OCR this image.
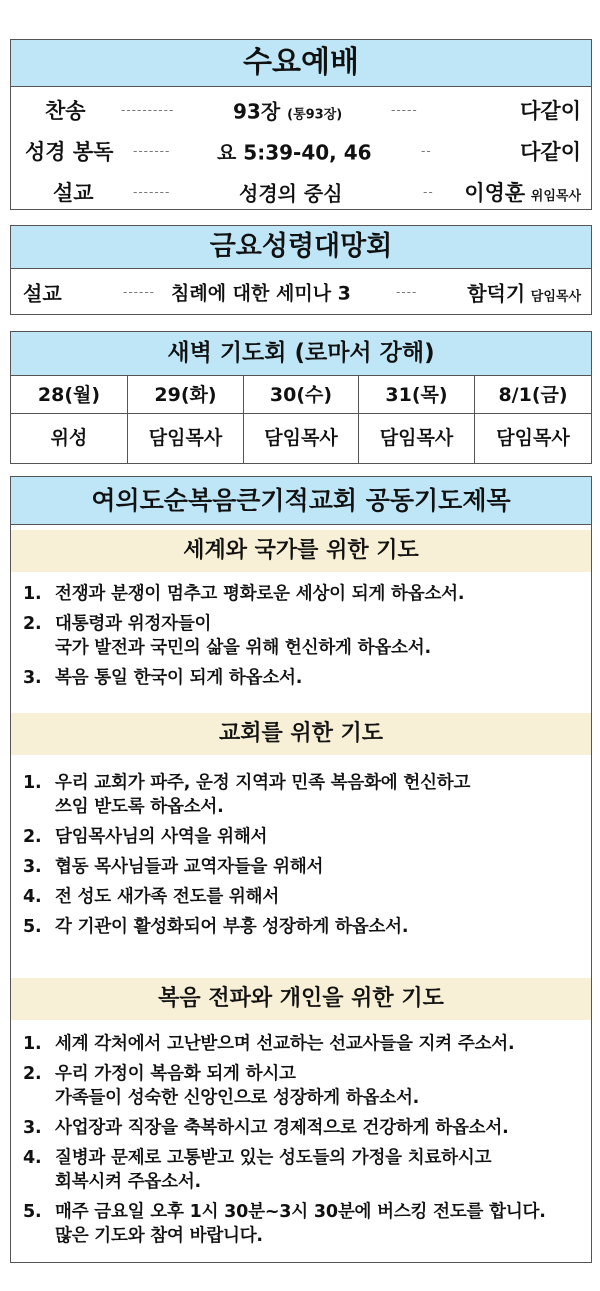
수요예배
찬송	----------	93장 (통93장)	-----	다같이
성경 봉독 ------- 요 5:39-40, 46	--	다같이
설교	-------	성경의 중심	-- 이영훈 위임목사
금요성령대망회
설교	------ 침례에 대한 세미나 3	---- 함덕기 담임목사
새벽 기도회 (로마서 강해)
28(월)	29(화)	30(수)	31(목)	8/1(금)
위성	담임목사	담임목사	담임목사	담임목사
여의도순복음큰기적교회 공동기도제목
세계와 국가를 위한 기도
1. 전쟁과 분쟁이 멈추고 평화로운 세상이 되게 하옵소서.
2. 대통령과 위정자들이
국가 발전과 국민의 삶을 위해 헌신하게 하옵소서.
3. 복음 통일 한국이 되게 하옵소서.
교회를 위한 기도
1. 우리 교회가 파주, 운정 지역과 민족 복음화에 헌신하고
쓰임 받도록 하옵소서.
2. 담임목사님의 사역을 위해서
3. 협동 목사님들과 교역자들을 위해서
4. 전 성도 새가족 전도를 위해서
5. 각 기관이 활성화되어 부흥 성장하게 하옵소서.
복음 전파와 개인을 위한 기도
1. 세계 각처에서 고난받으며 선교하는 선교사들을 지켜 주소서.
2. 우리 가정이 복음화 되게 하시고
가족들이 성숙한 신앙인으로 성장하게 하옵소서.
3. 사업장과 직장을 축복하시고 경제적으로 건강하게 하옵소서.
4. 질병과 문제로 고통받고 있는 성도들의 가정을 치료하시고
회복시켜 주옵소서.
5. 매주 금요일 오후 1시 30분~3시 30분에 버스킹 전도를 합니다.
많은 기도와 참여 바랍니다.
